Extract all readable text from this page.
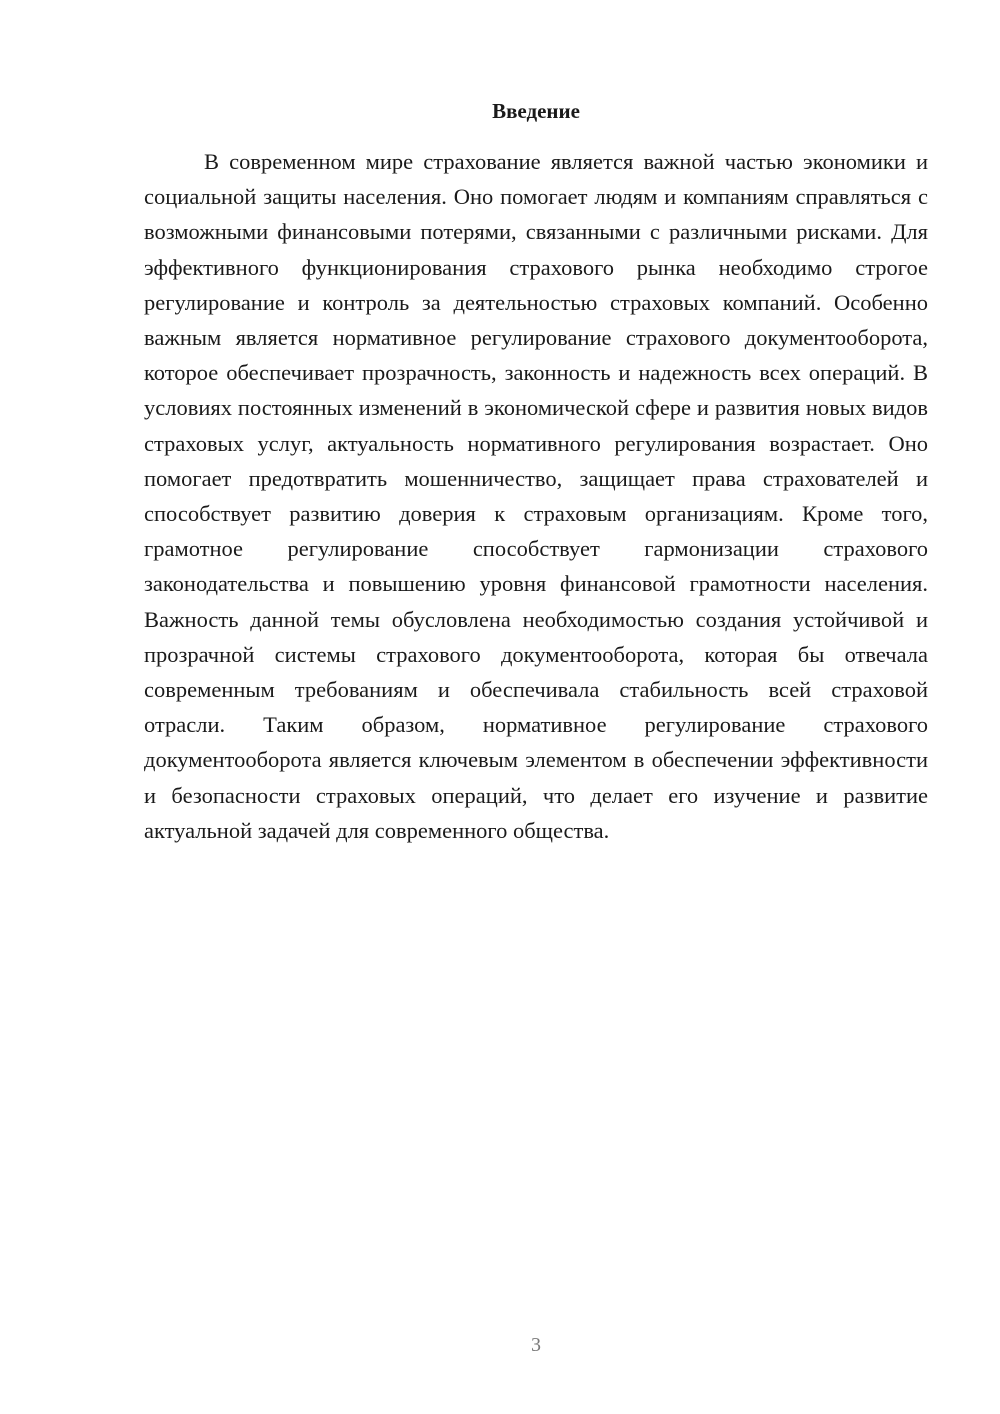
Введение

В современном мире страхование является важной частью экономики и социальной защиты населения. Оно помогает людям и компаниям справляться с возможными финансовыми потерями, связанными с различными рисками. Для эффективного функционирования страхового рынка необходимо строгое регулирование и контроль за деятельностью страховых компаний. Особенно важным является нормативное регулирование страхового документооборота, которое обеспечивает прозрачность, законность и надежность всех операций. В условиях постоянных изменений в экономической сфере и развития новых видов страховых услуг, актуальность нормативного регулирования возрастает. Оно помогает предотвратить мошенничество, защищает права страхователей и способствует развитию доверия к страховым организациям. Кроме того, грамотное регулирование способствует гармонизации страхового законодательства и повышению уровня финансовой грамотности населения. Важность данной темы обусловлена необходимостью создания устойчивой и прозрачной системы страхового документооборота, которая бы отвечала современным требованиям и обеспечивала стабильность всей страховой отрасли. Таким образом, нормативное регулирование страхового документооборота является ключевым элементом в обеспечении эффективности и безопасности страховых операций, что делает его изучение и развитие актуальной задачей для современного общества.

3
